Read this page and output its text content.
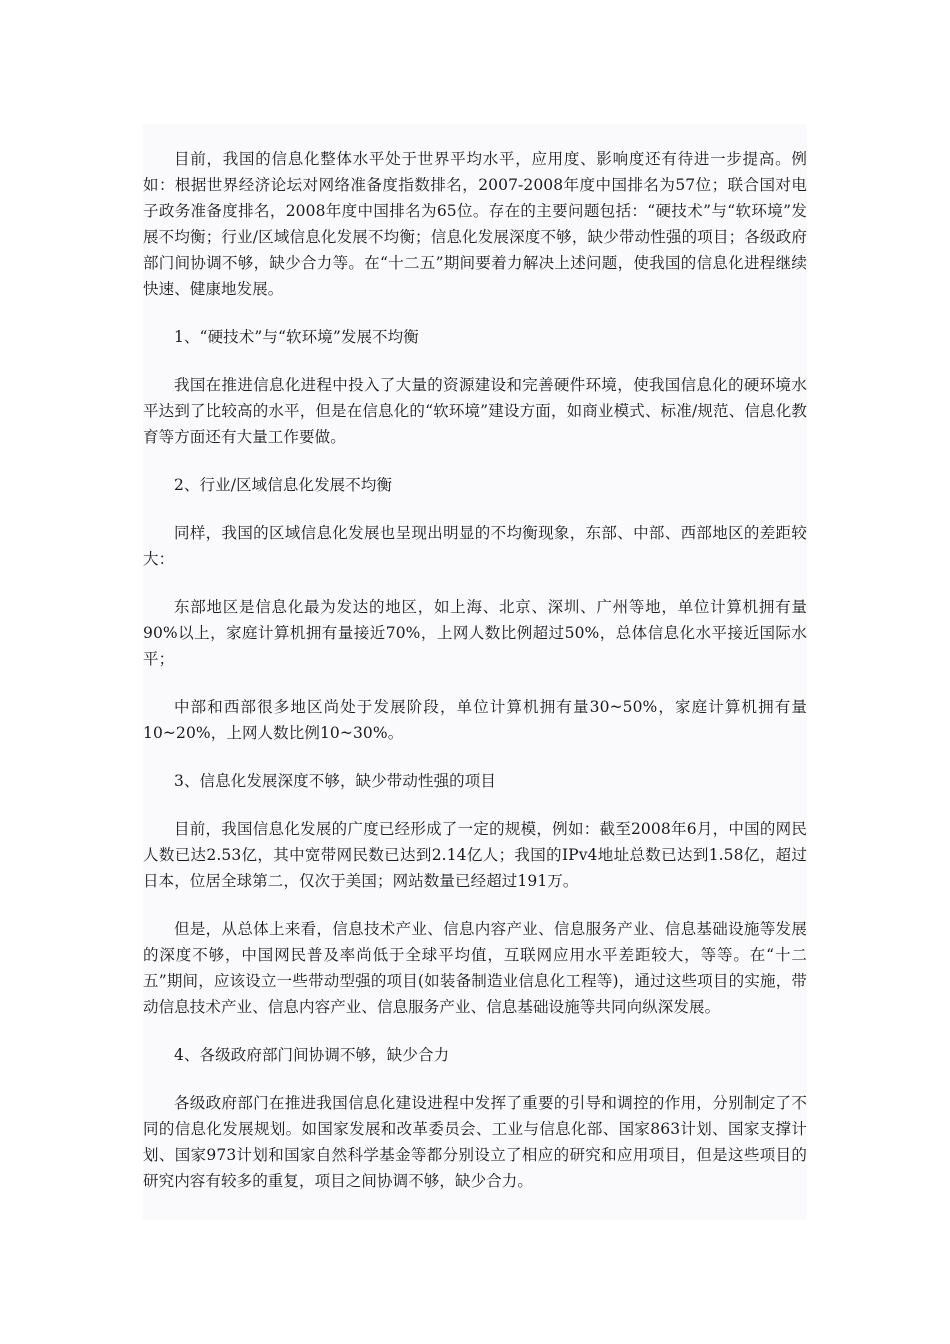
目前，我国的信息化整体水平处于世界平均水平，应用度、影响度还有待进一步提高。例如：根据世界经济论坛对网络准备度指数排名，2007-2008年度中国排名为57位；联合国对电子政务准备度排名，2008年度中国排名为65位。存在的主要问题包括：“硬技术”与“软环境”发展不均衡；行业/区域信息化发展不均衡；信息化发展深度不够，缺少带动性强的项目；各级政府部门间协调不够，缺少合力等。在“十二五”期间要着力解决上述问题，使我国的信息化进程继续快速、健康地发展。

1、“硬技术”与“软环境”发展不均衡

我国在推进信息化进程中投入了大量的资源建设和完善硬件环境，使我国信息化的硬环境水平达到了比较高的水平，但是在信息化的“软环境”建设方面，如商业模式、标准/规范、信息化教育等方面还有大量工作要做。

2、行业/区域信息化发展不均衡

同样，我国的区域信息化发展也呈现出明显的不均衡现象，东部、中部、西部地区的差距较大：

东部地区是信息化最为发达的地区，如上海、北京、深圳、广州等地，单位计算机拥有量90%以上，家庭计算机拥有量接近70%，上网人数比例超过50%，总体信息化水平接近国际水平；

中部和西部很多地区尚处于发展阶段，单位计算机拥有量30~50%，家庭计算机拥有量10~20%，上网人数比例10~30%。

3、信息化发展深度不够，缺少带动性强的项目

目前，我国信息化发展的广度已经形成了一定的规模，例如：截至2008年6月，中国的网民人数已达2.53亿，其中宽带网民数已达到2.14亿人；我国的IPv4地址总数已达到1.58亿，超过日本，位居全球第二，仅次于美国；网站数量已经超过191万。

但是，从总体上来看，信息技术产业、信息内容产业、信息服务产业、信息基础设施等发展的深度不够，中国网民普及率尚低于全球平均值，互联网应用水平差距较大，等等。在“十二五”期间，应该设立一些带动型强的项目(如装备制造业信息化工程等)，通过这些项目的实施，带动信息技术产业、信息内容产业、信息服务产业、信息基础设施等共同向纵深发展。

4、各级政府部门间协调不够，缺少合力

各级政府部门在推进我国信息化建设进程中发挥了重要的引导和调控的作用，分别制定了不同的信息化发展规划。如国家发展和改革委员会、工业与信息化部、国家863计划、国家支撑计划、国家973计划和国家自然科学基金等都分别设立了相应的研究和应用项目，但是这些项目的研究内容有较多的重复，项目之间协调不够，缺少合力。
